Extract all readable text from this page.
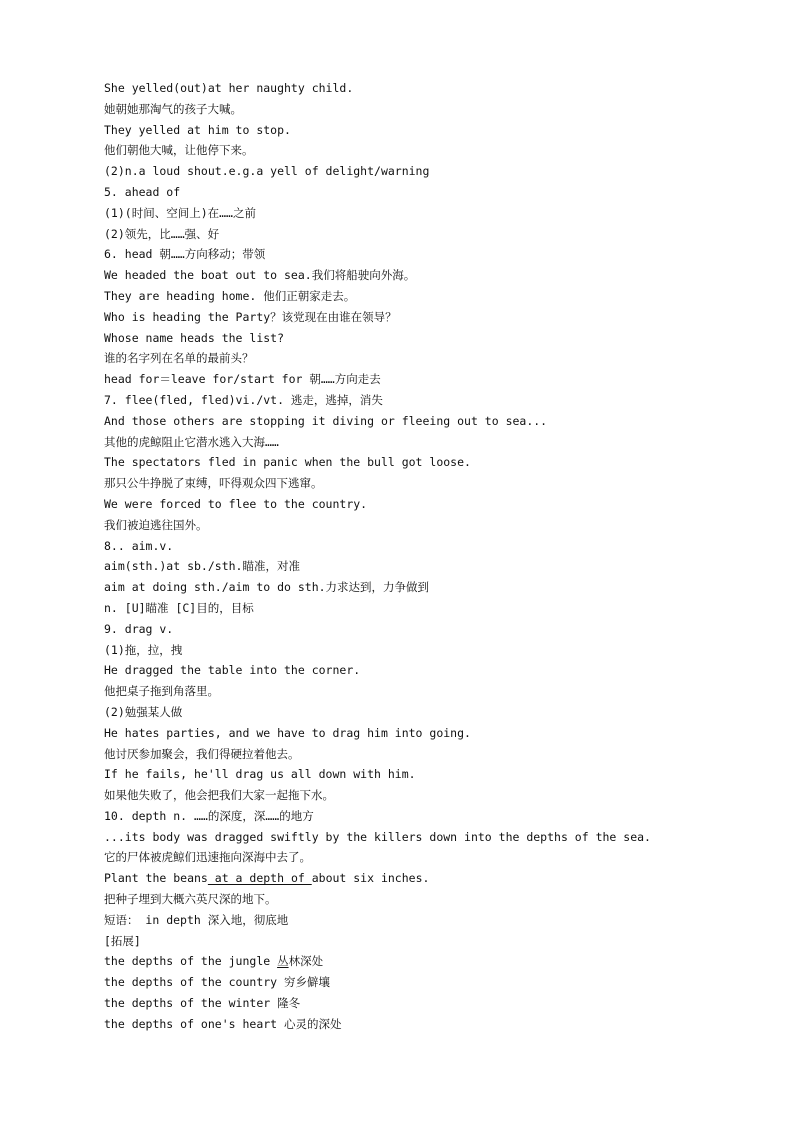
She yelled(out)at her naughty child.
她朝她那淘气的孩子大喊。
They yelled at him to stop.
他们朝他大喊，让他停下来。
(2)n.a loud shout.e.g.a yell of delight/warning
5. ahead of
(1)(时间、空间上)在……之前
(2)领先，比……强、好
6. head 朝……方向移动；带领
We headed the boat out to sea.我们将船驶向外海。
They are heading home. 他们正朝家走去。
Who is heading the Party？该党现在由谁在领导？
Whose name heads the list?
谁的名字列在名单的最前头？
head for＝leave for/start for 朝……方向走去
7. flee(fled, fled)vi./vt. 逃走，逃掉，消失
And those others are stopping it diving or fleeing out to sea...
其他的虎鲸阻止它潜水逃入大海……
The spectators fled in panic when the bull got loose.
那只公牛挣脱了束缚，吓得观众四下逃窜。
We were forced to flee to the country.
我们被迫逃往国外。
8.. aim.v.
aim(sth.)at sb./sth.瞄准，对准
aim at doing sth./aim to do sth.力求达到，力争做到
n. [U]瞄准 [C]目的，目标
9. drag v.
(1)拖，拉，拽
He dragged the table into the corner.
他把桌子拖到角落里。
(2)勉强某人做
He hates parties, and we have to drag him into going.
他讨厌参加聚会，我们得硬拉着他去。
If he fails, he'll drag us all down with him.
如果他失败了，他会把我们大家一起拖下水。
10. depth n. ……的深度，深……的地方
...its body was dragged swiftly by the killers down into the depths of the sea.
它的尸体被虎鲸们迅速拖向深海中去了。
Plant the beans at a depth of about six inches.
把种子埋到大概六英尺深的地下。
短语： in depth 深入地，彻底地
[拓展]
the depths of the jungle 丛林深处
the depths of the country 穷乡僻壤
the depths of the winter 隆冬
the depths of one's heart 心灵的深处
